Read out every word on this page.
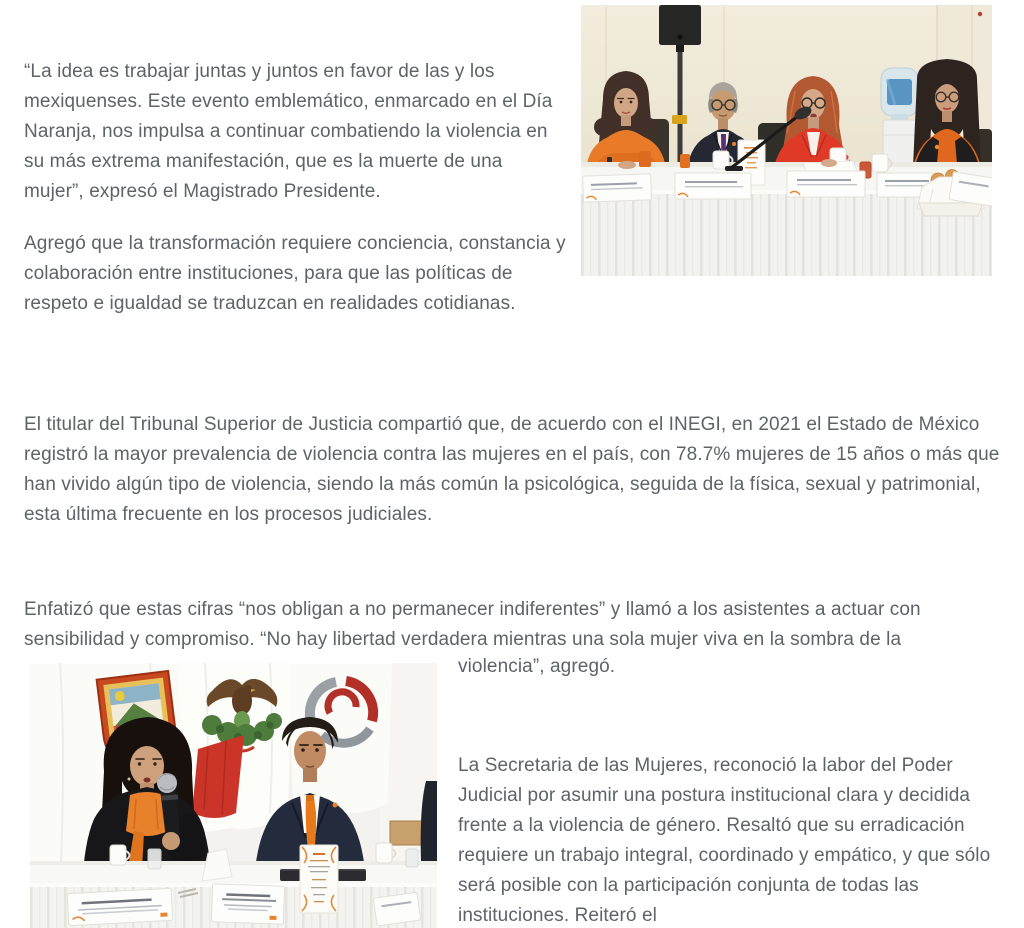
“La idea es trabajar juntas y juntos en favor de las y los mexiquenses. Este evento emblemático, enmarcado en el Día Naranja, nos impulsa a continuar combatiendo la violencia en su más extrema manifestación, que es la muerte de una mujer”, expresó el Magistrado Presidente.

Agregó que la transformación requiere conciencia, constancia y colaboración entre instituciones, para que las políticas de respeto e igualdad se traduzcan en realidades cotidianas.

El titular del Tribunal Superior de Justicia compartió que, de acuerdo con el INEGI, en 2021 el Estado de México registró la mayor prevalencia de violencia contra las mujeres en el país, con 78.7% mujeres de 15 años o más que han vivido algún tipo de violencia, siendo la más común la psicológica, seguida de la física, sexual y patrimonial, esta última frecuente en los procesos judiciales.

Enfatizó que estas cifras “nos obligan a no permanecer indiferentes” y llamó a los asistentes a actuar con sensibilidad y compromiso. “No hay libertad verdadera mientras una sola mujer viva en la sombra de la

violencia”, agregó.

La Secretaria de las Mujeres, reconoció la labor del Poder Judicial por asumir una postura institucional clara y decidida frente a la violencia de género. Resaltó que su erradicación requiere un trabajo integral, coordinado y empático, y que sólo será posible con la participación conjunta de todas las instituciones. Reiteró el
